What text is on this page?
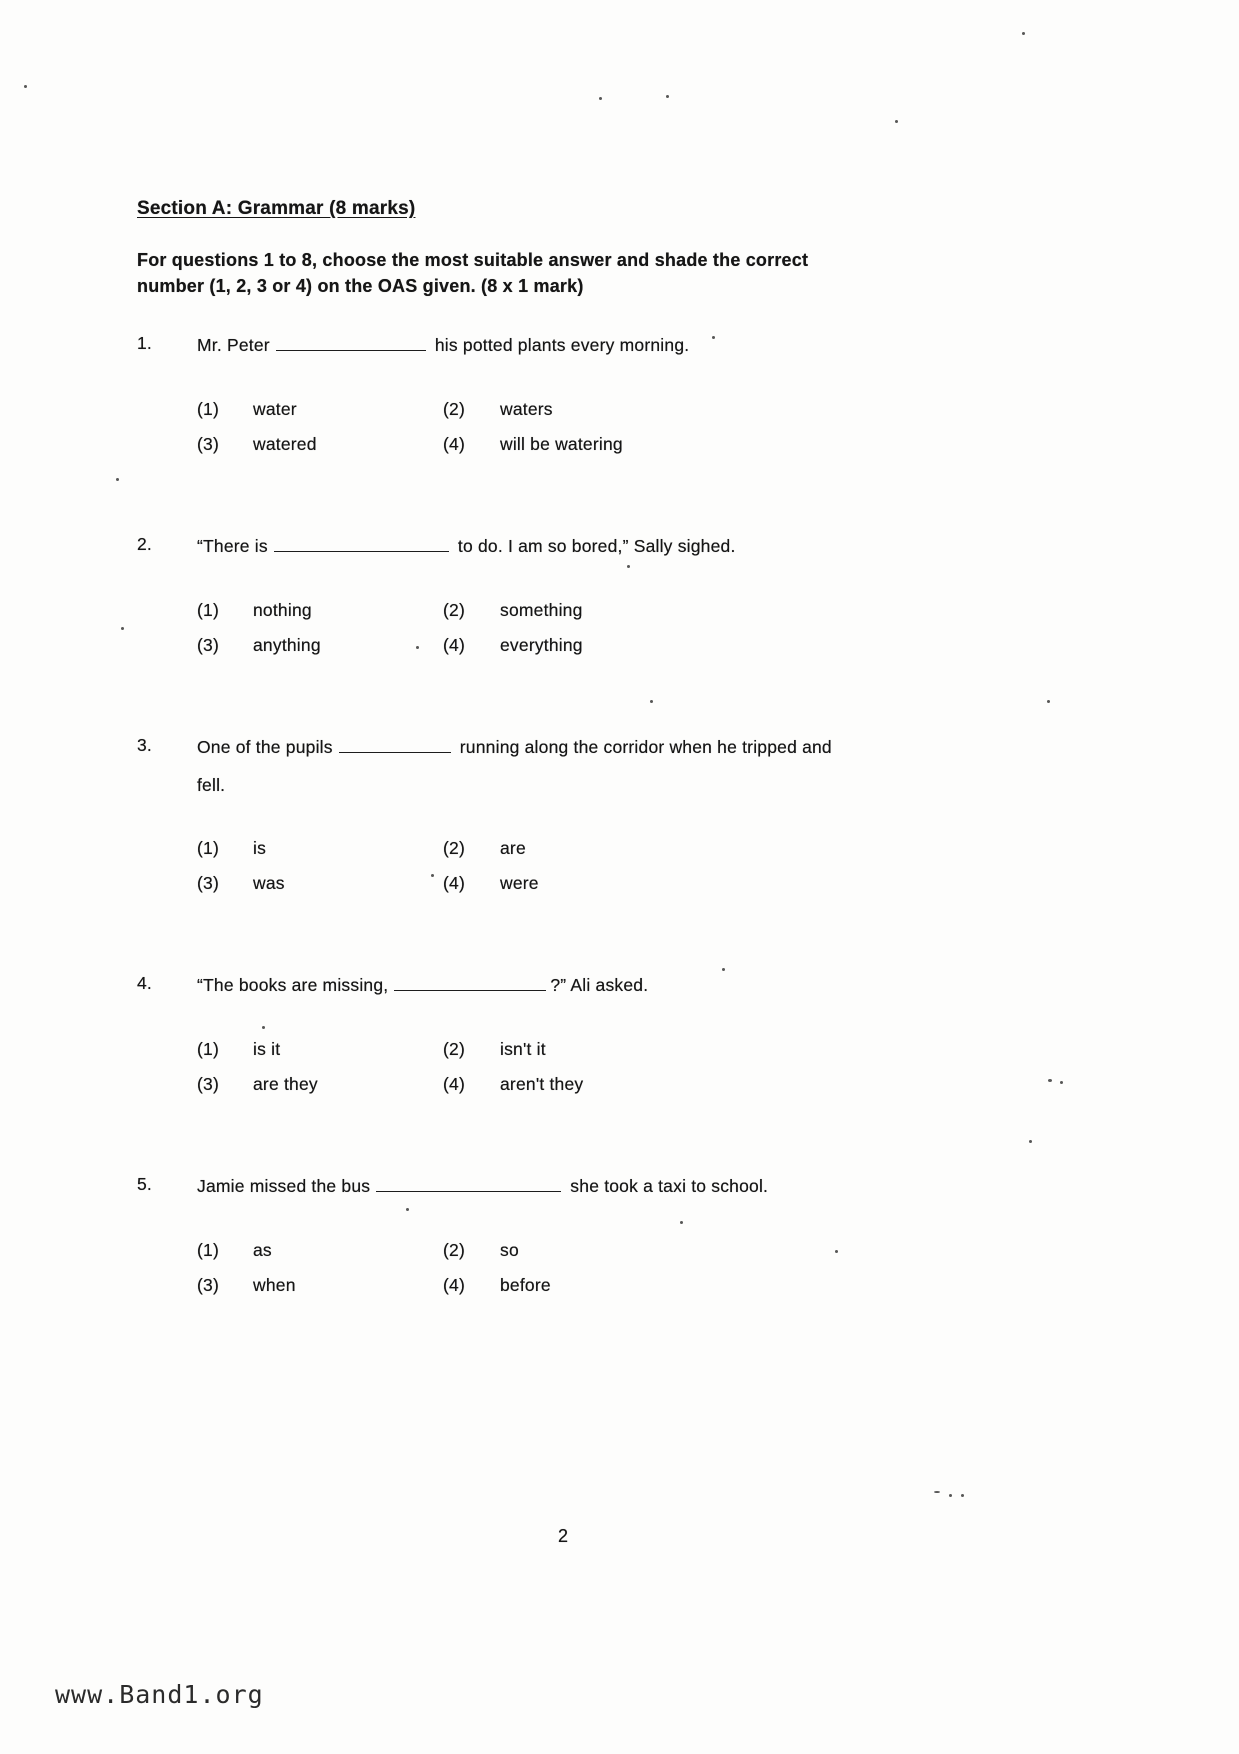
Section A: Grammar (8 marks)

For questions 1 to 8, choose the most suitable answer and shade the correct
number (1, 2, 3 or 4) on the OAS given. (8 x 1 mark)

1.	Mr. Peter	his potted plants every morning.

(1)	water	(2)	waters
(3)	watered	(4)	will be watering
2.	“There is	to do. I am so bored,” Sally sighed.

(1)	nothing	(2)	something
(3)	anything	(4)	everything
3.	One of the pupils	running along the corridor when he tripped and

fell.
(1)	is	(2)	are
(3)	was	(4)	were
4.	“The books are missing,	?” Ali asked.

(1)	is it	(2)	isn't it
(3)	are they	(4)	aren't they
5.	Jamie missed the bus	she took a taxi to school.

(1)	as	(2)	so
(3)	when	(4)	before
2
www.Band1.org
